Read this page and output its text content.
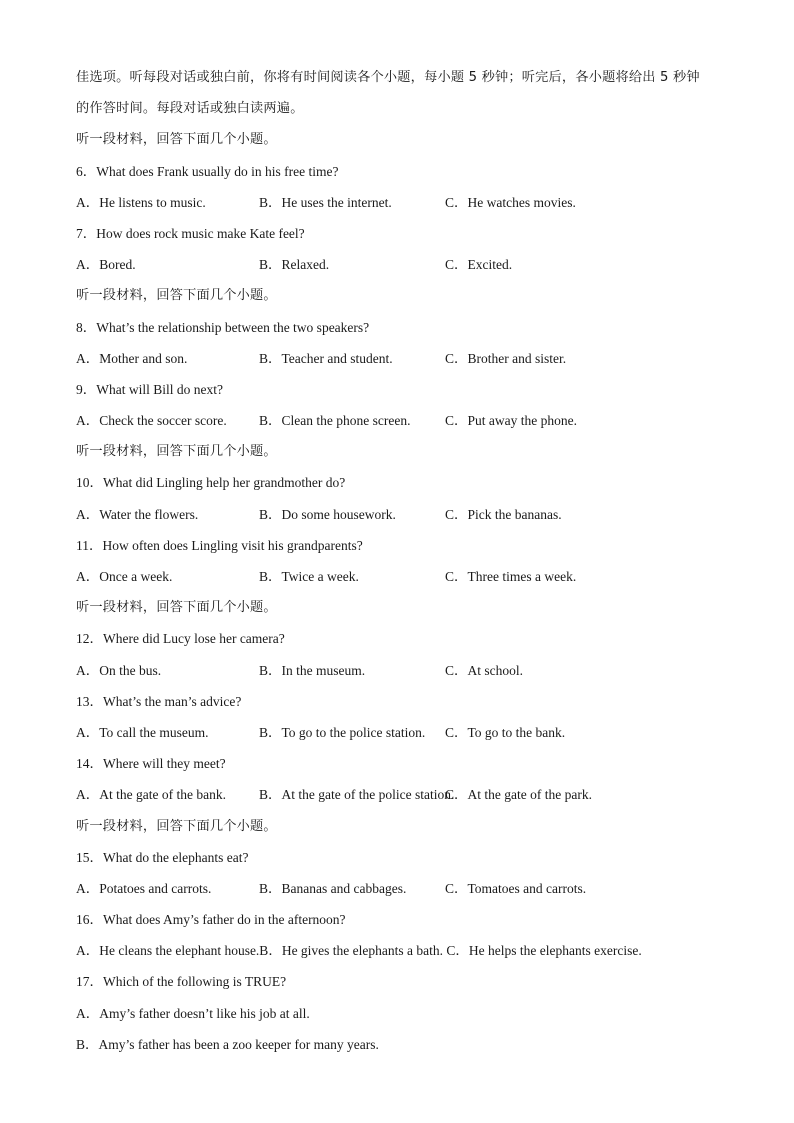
佳选项。听每段对话或独白前，你将有时间阅读各个小题，每小题 5 秒钟；听完后，各小题将给出 5 秒钟
的作答时间。每段对话或独白读两遍。
听一段材料，回答下面几个小题。
6．What does Frank usually do in his free time?
A．He listens to music.	B．He uses the internet.	C．He watches movies.
7．How does rock music make Kate feel?
A．Bored.	B．Relaxed.	C．Excited.
听一段材料，回答下面几个小题。
8．What’s the relationship between the two speakers?
A．Mother and son.	B．Teacher and student.	C．Brother and sister.
9．What will Bill do next?
A．Check the soccer score. B．Clean the phone screen.	C．Put away the phone.
听一段材料，回答下面几个小题。
10．What did Lingling help her grandmother do?
A．Water the flowers.	B．Do some housework.	C．Pick the bananas.
11．How often does Lingling visit his grandparents?
A．Once a week.	B．Twice a week.	C．Three times a week.
听一段材料，回答下面几个小题。
12．Where did Lucy lose her camera?
A．On the bus.	B．In the museum.	C．At school.
13．What’s the man’s advice?
A．To call the museum.	B．To go to the police station. C．To go to the bank.
14．Where will they meet?
A．At the gate of the bank. B．At the gate of the police station.
C．At the gate of the park.
听一段材料，回答下面几个小题。
15．What do the elephants eat?
A．Potatoes and carrots.	B．Bananas and cabbages.	C．Tomatoes and carrots.
16．What does Amy’s father do in the afternoon?
A．He cleans the elephant house.B．He gives the elephants a bath. C．He helps the elephants exercise.
17．Which of the following is TRUE?
A．Amy’s father doesn’t like his job at all.
B．Amy’s father has been a zoo keeper for many years.
